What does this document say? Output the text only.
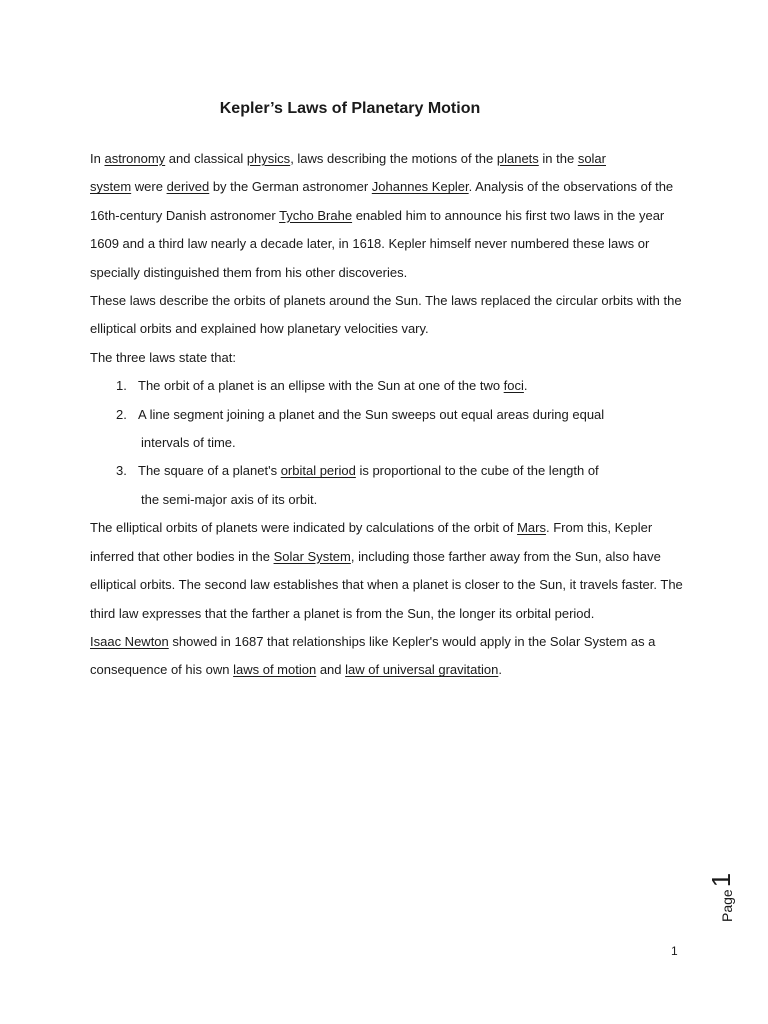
Kepler’s Laws of Planetary Motion

In astronomy and classical physics, laws describing the motions of the planets in the solar
system were derived by the German astronomer Johannes Kepler. Analysis of the observations of the 16th-century Danish astronomer Tycho Brahe enabled him to announce his first two laws in the year 1609 and a third law nearly a decade later, in 1618. Kepler himself never numbered these laws or specially distinguished them from his other discoveries.

These laws describe the orbits of planets around the Sun. The laws replaced the circular orbits with the elliptical orbits and explained how planetary velocities vary.

The three laws state that:

1. The orbit of a planet is an ellipse with the Sun at one of the two foci.
2. A line segment joining a planet and the Sun sweeps out equal areas during equal
intervals of time.
3. The square of a planet's orbital period is proportional to the cube of the length of
the semi-major axis of its orbit.

The elliptical orbits of planets were indicated by calculations of the orbit of Mars. From this, Kepler inferred that other bodies in the Solar System, including those farther away from the Sun, also have elliptical orbits. The second law establishes that when a planet is closer to the Sun, it travels faster. The third law expresses that the farther a planet is from the Sun, the longer its orbital period.

Isaac Newton showed in 1687 that relationships like Kepler's would apply in the Solar System as a consequence of his own laws of motion and law of universal gravitation.

Page
1
1
